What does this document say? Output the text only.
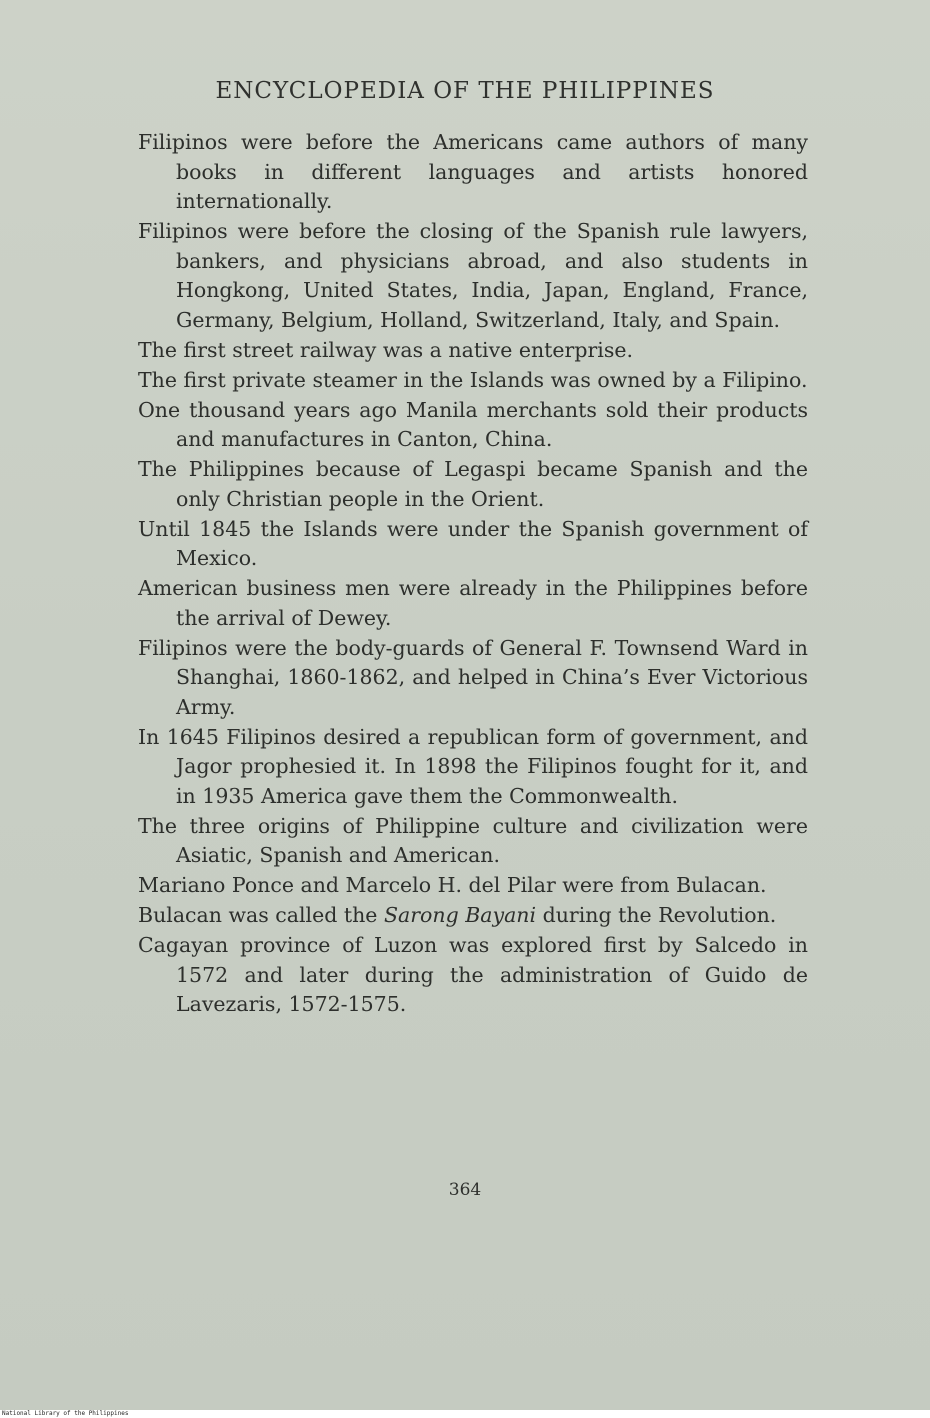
ENCYCLOPEDIA OF THE PHILIPPINES

Filipinos were before the Americans came authors of many books in different languages and artists honored internationally.

Filipinos were before the closing of the Spanish rule lawyers, bankers, and physicians abroad, and also students in Hongkong, United States, India, Japan, England, France, Germany, Belgium, Holland, Switzerland, Italy, and Spain.

The first street railway was a native enterprise.

The first private steamer in the Islands was owned by a Filipino.

One thousand years ago Manila merchants sold their products and manufactures in Canton, China.

The Philippines because of Legaspi became Spanish and the only Christian people in the Orient.

Until 1845 the Islands were under the Spanish government of Mexico.

American business men were already in the Philippines before the arrival of Dewey.

Filipinos were the body-guards of General F. Townsend Ward in Shanghai, 1860-1862, and helped in China’s Ever Victorious Army.

In 1645 Filipinos desired a republican form of government, and Jagor prophesied it. In 1898 the Filipinos fought for it, and in 1935 America gave them the Commonwealth.

The three origins of Philippine culture and civilization were Asiatic, Spanish and American.

Mariano Ponce and Marcelo H. del Pilar were from Bulacan.

Bulacan was called the Sarong Bayani during the Revolution.

Cagayan province of Luzon was explored first by Salcedo in 1572 and later during the administration of Guido de Lavezaris, 1572-1575.

364
National Library of the Philippines
